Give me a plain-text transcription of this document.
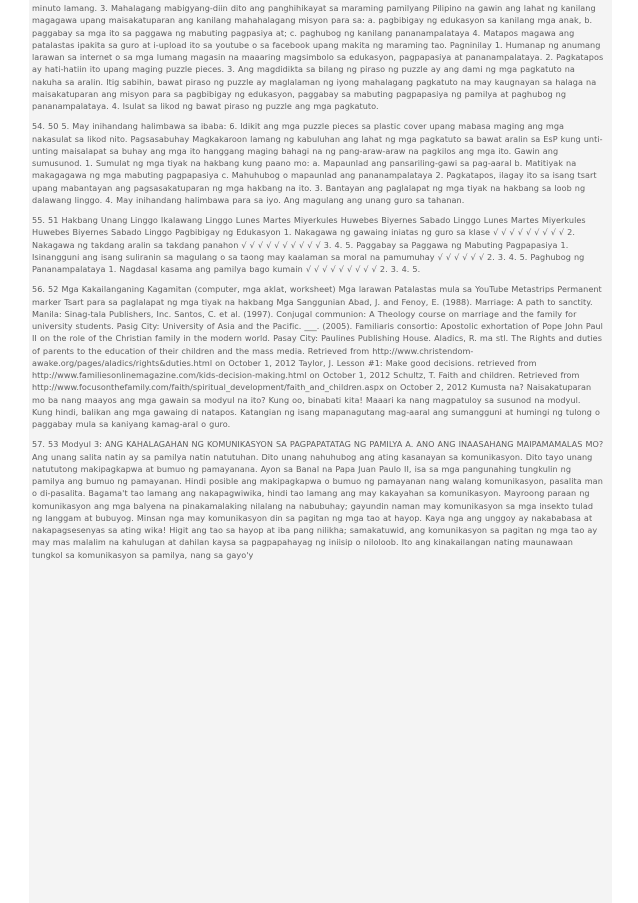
minuto lamang. 3. Mahalagang mabigyang-diin dito ang panghihikayat sa maraming pamilyang Pilipino na gawin ang lahat ng kanilang magagawa upang maisakatuparan ang kanilang mahahalagang misyon para sa: a. pagbibigay ng edukasyon sa kanilang mga anak, b. paggabay sa mga ito sa paggawa ng mabuting pagpasiya at; c. paghubog ng kanilang pananampalataya 4. Matapos magawa ang patalastas ipakita sa guro at i-upload ito sa youtube o sa facebook upang makita ng maraming tao. Pagninilay 1. Humanap ng anumang larawan sa internet o sa mga lumang magasin na maaaring magsimbolo sa edukasyon, pagpapasiya at pananampalataya. 2. Pagkatapos ay hati-hatiin ito upang maging puzzle pieces. 3. Ang magdidikta sa bilang ng piraso ng puzzle ay ang dami ng mga pagkatuto na nakuha sa aralin. Itig sabihin, bawat piraso ng puzzle ay maglalaman ng iyong mahalagang pagkatuto na may kaugnayan sa halaga na maisakatuparan ang misyon para sa pagbibigay ng edukasyon, paggabay sa mabuting pagpapasiya ng pamilya at paghubog ng pananampalataya. 4. Isulat sa likod ng bawat piraso ng puzzle ang mga pagkatuto.

54. 50 5. May inihandang halimbawa sa ibaba: 6. Idikit ang mga puzzle pieces sa plastic cover upang mabasa maging ang mga nakasulat sa likod nito. Pagsasabuhay Magkakaroon lamang ng kabuluhan ang lahat ng mga pagkatuto sa bawat aralin sa EsP kung unti-unting maisalapat sa buhay ang mga ito hanggang maging bahagi na ng pang-araw-araw na pagkilos ang mga ito. Gawin ang sumusunod. 1. Sumulat ng mga tiyak na hakbang kung paano mo: a. Mapaunlad ang pansariling-gawi sa pag-aaral b. Matitiyak na makagagawa ng mga mabuting pagpapasiya c. Mahuhubog o mapaunlad ang pananampalataya 2. Pagkatapos, ilagay ito sa isang tsart upang mabantayan ang pagsasakatuparan ng mga hakbang na ito. 3. Bantayan ang paglalapat ng mga tiyak na hakbang sa loob ng dalawang linggo. 4. May inihandang halimbawa para sa iyo. Ang magulang ang unang guro sa tahanan.

55. 51 Hakbang Unang Linggo Ikalawang Linggo Lunes Martes Miyerkules Huwebes Biyernes Sabado Linggo Lunes Martes Miyerkules Huwebes Biyernes Sabado Linggo Pagbibigay ng Edukasyon 1. Nakagawa ng gawaing iniatas ng guro sa klase √ √ √ √ √ √ √ √ √ 2. Nakagawa ng takdang aralin sa takdang panahon √ √ √ √ √ √ √ √ √ √ 3. 4. 5. Paggabay sa Paggawa ng Mabuting Pagpapasiya 1. Isinangguni ang isang suliranin sa magulang o sa taong may kaalaman sa moral na pamumuhay √ √ √ √ √ √ 2. 3. 4. 5. Paghubog ng Pananampalataya 1. Nagdasal kasama ang pamilya bago kumain √ √ √ √ √ √ √ √ √ 2. 3. 4. 5.

56. 52 Mga Kakailanganing Kagamitan (computer, mga aklat, worksheet) Mga larawan Patalastas mula sa YouTube Metastrips Permanent marker Tsart para sa paglalapat ng mga tiyak na hakbang Mga Sanggunian Abad, J. and Fenoy, E. (1988). Marriage: A path to sanctity. Manila: Sinag-tala Publishers, Inc. Santos, C. et al. (1997). Conjugal communion: A Theology course on marriage and the family for university students. Pasig City: University of Asia and the Pacific. ___. (2005). Familiaris consortio: Apostolic exhortation of Pope John Paul II on the role of the Christian family in the modern world. Pasay City: Paulines Publishing House. Aladics, R. ma stl. The Rights and duties of parents to the education of their children and the mass media. Retrieved from http://www.christendom-awake.org/pages/aladics/rights&duties.html on October 1, 2012 Taylor, J. Lesson #1: Make good decisions. retrieved from http://www.familiesonlinemagazine.com/kids-decision-making.html on October 1, 2012 Schultz, T. Faith and children. Retrieved from http://www.focusonthefamily.com/faith/spiritual_development/faith_and_children.aspx on October 2, 2012 Kumusta na? Naisakatuparan mo ba nang maayos ang mga gawain sa modyul na ito? Kung oo, binabati kita! Maaari ka nang magpatuloy sa susunod na modyul. Kung hindi, balikan ang mga gawaing di natapos. Katangian ng isang mapanagutang mag-aaral ang sumangguni at humingi ng tulong o paggabay mula sa kaniyang kamag-aral o guro.

57. 53 Modyul 3: ANG KAHALAGAHAN NG KOMUNIKASYON SA PAGPAPATATAG NG PAMILYA A. ANO ANG INAASAHANG MAIPAMAMALAS MO? Ang unang salita natin ay sa pamilya natin natutuhan. Dito unang nahuhubog ang ating kasanayan sa komunikasyon. Dito tayo unang natututong makipagkapwa at bumuo ng pamayanana. Ayon sa Banal na Papa Juan Paulo II, isa sa mga pangunahing tungkulin ng pamilya ang bumuo ng pamayanan. Hindi posible ang makipagkapwa o bumuo ng pamayanan nang walang komunikasyon, pasalita man o di-pasalita. Bagama't tao lamang ang nakapagwiwika, hindi tao lamang ang may kakayahan sa komunikasyon. Mayroong paraan ng komunikasyon ang mga balyena na pinakamalaking nilalang na nabubuhay; gayundin naman may komunikasyon sa mga insekto tulad ng langgam at bubuyog. Minsan nga may komunikasyon din sa pagitan ng mga tao at hayop. Kaya nga ang unggoy ay nakababasa at nakapagsesenyas sa ating wika! Higit ang tao sa hayop at iba pang nilikha; samakatuwid, ang komunikasyon sa pagitan ng mga tao ay may mas malalim na kahulugan at dahilan kaysa sa pagpapahayag ng iniisip o niloloob. Ito ang kinakailangan nating maunawaan tungkol sa komunikasyon sa pamilya, nang sa gayo'y
